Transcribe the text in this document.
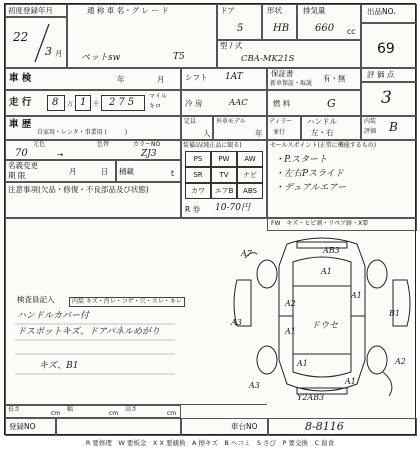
初度登録年月
22
3 月
通 称 車 名・グ レ ー ド
ペットsw	T5
ドア
5
形状
HB
排気量
660 cc
型 / 式
CBA-MK21S
出品NO.
69
車 検	年	月	シフト 1AT	保証書
新車保証・取説
有・無	評 価 点
3
走 行 8 万 1 千 275
マイル
キロ	冷 房	AAC	燃 料	G
車 歴
自家用・レンタ・事業用 (　　　)
定員
人
外車モデル
年
ディラー
並行
ハンドル
左・右
内装
評価 B
元色	色替	カラーNO
70	→	ZJ3
名義変更
期 限	月	日 積載	t
注意事項(欠品・修復・不良部品及び状態)
装備品(純正品に限る)
PS	PW	AW
SR	TV	ナビ
カワ	エアB	ABS
R 券 10-70円
セールスポイント(正常に機能するもの)
・P.スタート
・左右Pスライド
・デュアルエアー
FW　キズ・ヒビ割・リペア跡・X要
検査員記入	内装 キズ・汚レ・コゲ・穴・スレ・キレ
ハンドルカバー付
ドスポットキズ、ドアパネルめがり
キズ、B1
AB3
A7
A1
A3
A2
A1
B1
A1
A1
A1
A2
A3
Y2AB3
ドウセ
長さ
cm
幅
cm
高さ
cm
登録NO	車台NO	8-8116
R 要修理　W 要板金　X X 要観換　A 擦キズ　B ヘコミ　S さび　P 要交換　C 腐食
